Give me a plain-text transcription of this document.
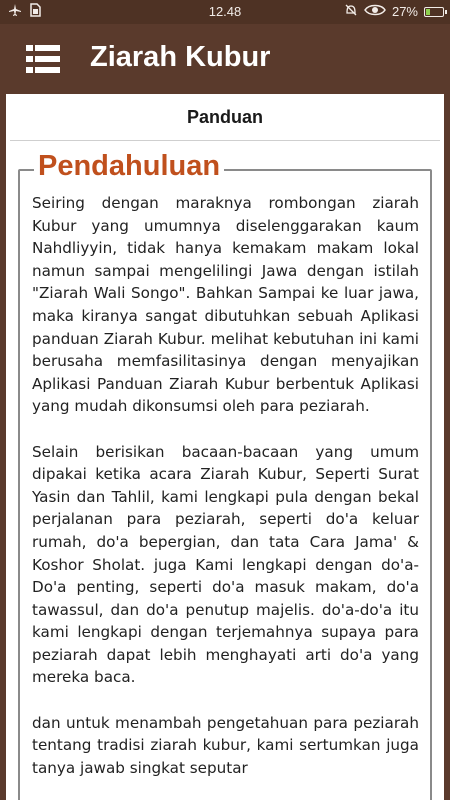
12.48	27%
Ziarah Kubur
Panduan
Pendahuluan

Seiring dengan maraknya rombongan ziarah Kubur yang umumnya diselenggarakan kaum Nahdliyyin, tidak hanya kemakam makam lokal namun sampai mengelilingi Jawa dengan istilah "Ziarah Wali Songo". Bahkan Sampai ke luar jawa, maka kiranya sangat dibutuhkan sebuah Aplikasi panduan Ziarah Kubur. melihat kebutuhan ini kami berusaha memfasilitasinya dengan menyajikan Aplikasi Panduan Ziarah Kubur berbentuk Aplikasi yang mudah dikonsumsi oleh para peziarah.

Selain berisikan bacaan-bacaan yang umum dipakai ketika acara Ziarah Kubur, Seperti Surat Yasin dan Tahlil, kami lengkapi pula dengan bekal perjalanan para peziarah, seperti do'a keluar rumah, do'a bepergian, dan tata Cara Jama' & Koshor Sholat. juga Kami lengkapi dengan do'a-Do'a penting, seperti do'a masuk makam, do'a tawassul, dan do'a penutup majelis. do'a-do'a itu kami lengkapi dengan terjemahnya supaya para peziarah dapat lebih menghayati arti do'a yang mereka baca.

dan untuk menambah pengetahuan para peziarah tentang tradisi ziarah kubur, kami sertumkan juga tanya jawab singkat seputar
